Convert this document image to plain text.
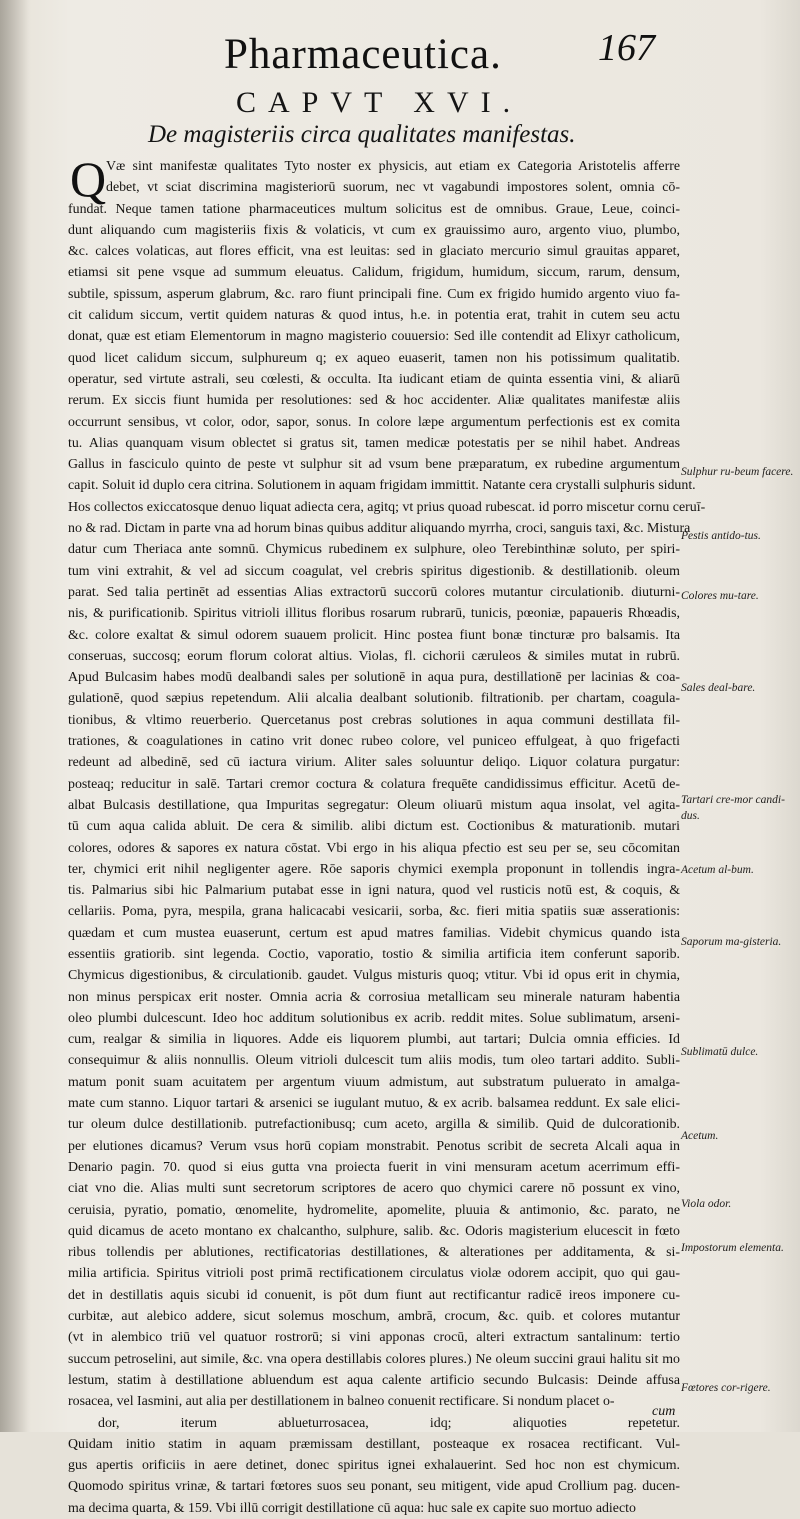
Pharmaceutica.	167
CAPVT XVI.
De magisteriis circa qualitates manifestas.
Q Væ sint manifestæ qualitates Tyto noster ex physicis, aut etiam ex Categoria Aristotelis afferre
debet, vt sciat discrimina magisteriorū suorum, nec vt vagabundi impostores solent, omnia cō-
fundat. Neque tamen tatione pharmaceutices multum solicitus est de omnibus. Graue, Leue, coinci-
dunt aliquando cum magisteriis fixis & volaticis, vt cum ex grauissimo auro, argento viuo, plumbo,
&c. calces volaticas, aut flores efficit, vna est leuitas: sed in glaciato mercurio simul grauitas apparet,
etiamsi sit pene vsque ad summum eleuatus. Calidum, frigidum, humidum, siccum, rarum, densum,
subtile, spissum, asperum glabrum, &c. raro fiunt principali fine. Cum ex frigido humido argento viuo fa-
cit calidum siccum, vertit quidem naturas & quod intus, h.e. in potentia erat, trahit in cutem seu actu
donat, quæ est etiam Elementorum in magno magisterio couuersio: Sed ille contendit ad Elixyr catholicum,
quod licet calidum siccum, sulphureum q; ex aqueo euaserit, tamen non his potissimum qualitatib.
operatur, sed virtute astrali, seu cœlesti, & occulta. Ita iudicant etiam de quinta essentia vini, & aliarū
rerum. Ex siccis fiunt humida per resolutiones: sed & hoc accidenter. Aliæ qualitates manifestæ aliis
occurrunt sensibus, vt color, odor, sapor, sonus. In colore læpe argumentum perfectionis est ex comita
tu. Alias quanquam visum oblectet si gratus sit, tamen medicæ potestatis per se nihil habet. Andreas
Gallus in fasciculo quinto de peste vt sulphur sit ad vsum bene præparatum, ex rubedine argumentum
capit. Soluit id duplo cera citrina. Solutionem in aquam frigidam immittit. Natante cera crystalli sulphuris sidunt.
Hos collectos exiccatosque denuo liquat adiecta cera, agitq; vt prius quoad rubescat. id porro miscetur cornu ceruī-
no & rad. Dictam in parte vna ad horum binas quibus additur aliquando myrrha, croci, sanguis taxi, &c. Mistura
datur cum Theriaca ante somnū. Chymicus rubedinem ex sulphure, oleo Terebinthinæ soluto, per spiri-
tum vini extrahit, & vel ad siccum coagulat, vel crebris spiritus digestionib. & destillationib. oleum
parat. Sed talia pertinēt ad essentias Alias extractorū succorū colores mutantur circulationib. diuturni-
nis, & purificationib. Spiritus vitrioli illitus floribus rosarum rubrarū, tunicis, pœoniæ, papaueris Rhœadis,
&c. colore exaltat & simul odorem suauem prolicit. Hinc postea fiunt bonæ tincturæ pro balsamis. Ita
conseruas, succosq; eorum florum colorat altius. Violas, fl. cichorii cæruleos & similes mutat in rubrū.
Apud Bulcasim habes modū dealbandi sales per solutionē in aqua pura, destillationē per lacinias & coa-
gulationē, quod sæpius repetendum. Alii alcalia dealbant solutionib. filtrationib. per chartam, coagula-
tionibus, & vltimo reuerberio. Quercetanus post crebras solutiones in aqua communi destillata fil-
trationes, & coagulationes in catino vrit donec rubeo colore, vel puniceo effulgeat, à quo frigefacti
redeunt ad albedinē, sed cū iactura virium. Aliter sales soluuntur deliqo. Liquor colatura purgatur:
posteaq; reducitur in salē. Tartari cremor coctura & colatura frequēte candidissimus efficitur. Acetū de-
albat Bulcasis destillatione, qua Impuritas segregatur: Oleum oliuarū mistum aqua insolat, vel agita-
tū cum aqua calida abluit. De cera & similib. alibi dictum est. Coctionibus & maturationib. mutari
colores, odores & sapores ex natura cōstat. Vbi ergo in his aliqua pfectio est seu per se, seu cōcomitan
ter, chymici erit nihil negligenter agere. Rōe saporis chymici exempla proponunt in tollendis ingra-
tis. Palmarius sibi hic Palmarium putabat esse in igni natura, quod vel rusticis notū est, & coquis, &
cellariis. Poma, pyra, mespila, grana halicacabi vesicarii, sorba, &c. fieri mitia spatiis suæ asserationis:
quædam et cum mustea euaserunt, certum est apud matres familias. Videbit chymicus quando ista
essentiis gratiorib. sint legenda. Coctio, vaporatio, tostio & similia artificia item conferunt saporib.
Chymicus digestionibus, & circulationib. gaudet. Vulgus misturis quoq; vtitur. Vbi id opus erit in chymia,
non minus perspicax erit noster. Omnia acria & corrosiua metallicam seu minerale naturam habentia
oleo plumbi dulcescunt. Ideo hoc additum solutionibus ex acrib. reddit mites. Solue sublimatum, arseni-
cum, realgar & similia in liquores. Adde eis liquorem plumbi, aut tartari; Dulcia omnia efficies. Id
consequimur & aliis nonnullis. Oleum vitrioli dulcescit tum aliis modis, tum oleo tartari addito. Subli-
matum ponit suam acuitatem per argentum viuum admistum, aut substratum puluerato in amalga-
mate cum stanno. Liquor tartari & arsenici se iugulant mutuo, & ex acrib. balsamea reddunt. Ex sale elici-
tur oleum dulce destillationib. putrefactionibusq; cum aceto, argilla & similib. Quid de dulcorationib.
per elutiones dicamus? Verum vsus horū copiam monstrabit. Penotus scribit de secreta Alcali aqua in
Denario pagin. 70. quod si eius gutta vna proiecta fuerit in vini mensuram acetum acerrimum effi-
ciat vno die. Alias multi sunt secretorum scriptores de acero quo chymici carere nō possunt ex vino,
ceruisia, pyratio, pomatio, œnomelite, hydromelite, apomelite, pluuia & antimonio, &c. parato, ne
quid dicamus de aceto montano ex chalcantho, sulphure, salib. &c. Odoris magisterium elucescit in fœto
ribus tollendis per ablutiones, rectificatorias destillationes, & alterationes per additamenta, & si-
milia artificia. Spiritus vitrioli post primā rectificationem circulatus violæ odorem accipit, quo qui gau-
det in destillatis aquis sicubi id conuenit, is pōt dum fiunt aut rectificantur radicē ireos imponere cu-
curbitæ, aut alebico addere, sicut solemus moschum, ambrā, crocum, &c. quib. et colores mutantur
(vt in alembico triū vel quatuor rostrorū; si vini apponas crocū, alteri extractum santalinum: tertio
succum petroselini, aut simile, &c. vna opera destillabis colores plures.) Ne oleum succini graui halitu sit mo
lestum, statim à destillatione abluendum est aqua calente artificio secundo Bulcasis: Deinde affusa
rosacea, vel Iasmini, aut alia per destillationem in balneo conuenit rectificare. Si nondum placet o-
dor, iterum ablueturrosacea, idq; aliquoties repetetur.
Quidam initio statim in aquam præmissam destillant, posteaque ex rosacea rectificant. Vul-
gus apertis orificiis in aere detinet, donec spiritus ignei exhalauerint. Sed hoc non est chymicum.
Quomodo spiritus vrinæ, & tartari fœtores suos seu ponant, seu mitigent, vide apud Crollium pag. ducen-
ma decima quarta, & 159. Vbi illū corrigit destillatione cū aqua: huc sale ex capite suo mortuo adiecto
Sulphur ru-beum facere.
Pestis antido-tus.
Colores mu-tare.
Sales deal-bare.
Tartari cre-mor candi-dus.
Acetum al-bum.
Saporum ma-gisteria.
Sublimatū dulce.
Acetum.
Viola odor.
Impostorum elementa.
Fœtores cor-rigere.
cum
